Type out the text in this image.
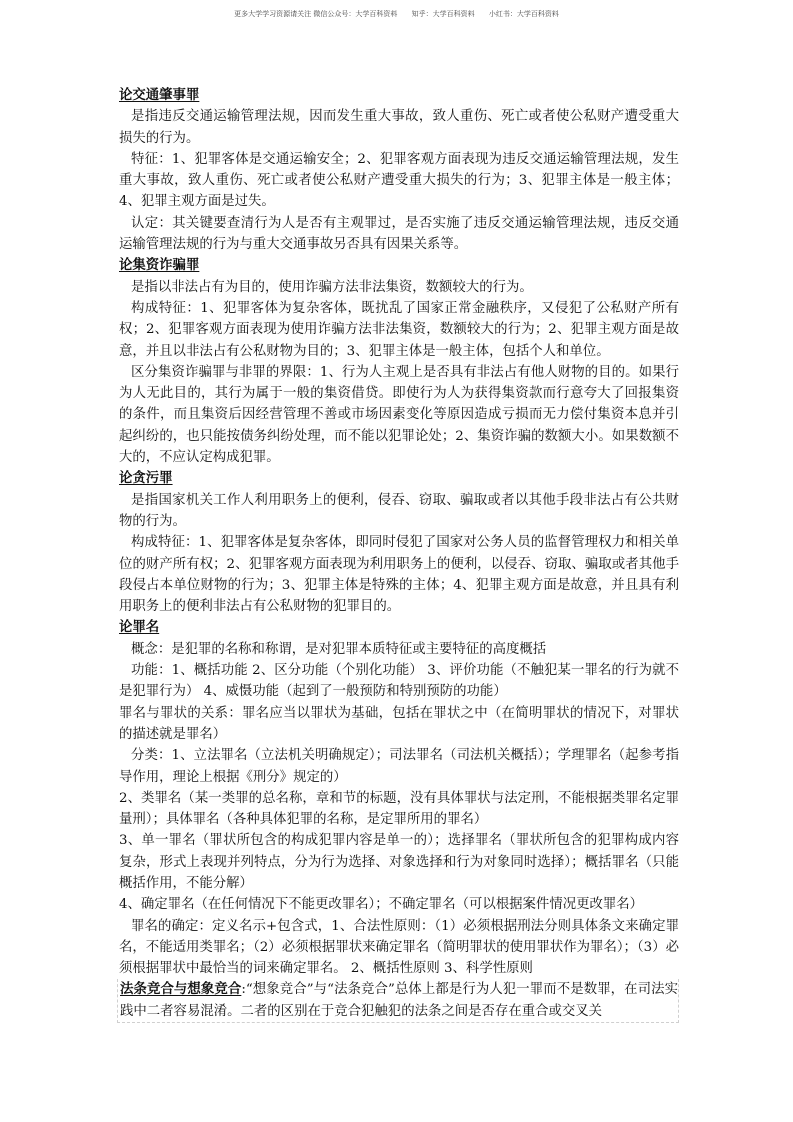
更多大学学习资源请关注 微信公众号：大学百科资料 知乎：大学百科资料 小红书：大学百科资料
论交通肇事罪

是指违反交通运输管理法规，因而发生重大事故，致人重伤、死亡或者使公私财产遭受重大损失的行为。

特征：1、犯罪客体是交通运输安全；2、犯罪客观方面表现为违反交通运输管理法规，发生重大事故，致人重伤、死亡或者使公私财产遭受重大损失的行为；3、犯罪主体是一般主体；4、犯罪主观方面是过失。

认定：其关键要查清行为人是否有主观罪过，是否实施了违反交通运输管理法规，违反交通运输管理法规的行为与重大交通事故另否具有因果关系等。

论集资诈骗罪

是指以非法占有为目的，使用诈骗方法非法集资，数额较大的行为。

构成特征：1、犯罪客体为复杂客体，既扰乱了国家正常金融秩序，又侵犯了公私财产所有权；2、犯罪客观方面表现为使用诈骗方法非法集资，数额较大的行为；2、犯罪主观方面是故意，并且以非法占有公私财物为目的；3、犯罪主体是一般主体，包括个人和单位。

区分集资诈骗罪与非罪的界限：1、行为人主观上是否具有非法占有他人财物的目的。如果行为人无此目的，其行为属于一般的集资借贷。即使行为人为获得集资款而行意夸大了回报集资的条件，而且集资后因经营管理不善或市场因素变化等原因造成亏损而无力偿付集资本息并引起纠纷的，也只能按债务纠纷处理，而不能以犯罪论处；2、集资诈骗的数额大小。如果数额不大的，不应认定构成犯罪。

论贪污罪

是指国家机关工作人利用职务上的便利，侵吞、窃取、骗取或者以其他手段非法占有公共财物的行为。

构成特征：1、犯罪客体是复杂客体，即同时侵犯了国家对公务人员的监督管理权力和相关单位的财产所有权；2、犯罪客观方面表现为利用职务上的便利，以侵吞、窃取、骗取或者其他手段侵占本单位财物的行为；3、犯罪主体是特殊的主体；4、犯罪主观方面是故意，并且具有利用职务上的便利非法占有公私财物的犯罪目的。

论罪名

概念：是犯罪的名称和称谓，是对犯罪本质特征或主要特征的高度概括

功能：1、概括功能 2、区分功能（个别化功能） 3、评价功能（不触犯某一罪名的行为就不是犯罪行为） 4、威慑功能（起到了一般预防和特别预防的功能）

罪名与罪状的关系：罪名应当以罪状为基础，包括在罪状之中（在简明罪状的情况下，对罪状的描述就是罪名）

分类：1、立法罪名（立法机关明确规定）；司法罪名（司法机关概括）；学理罪名（起参考指导作用，理论上根据《刑分》规定的）

2、类罪名（某一类罪的总名称，章和节的标题，没有具体罪状与法定刑，不能根据类罪名定罪量刑）；具体罪名（各种具体犯罪的名称，是定罪所用的罪名）

3、单一罪名（罪状所包含的构成犯罪内容是单一的）；选择罪名（罪状所包含的犯罪构成内容复杂，形式上表现并列特点，分为行为选择、对象选择和行为对象同时选择）；概括罪名（只能概括作用，不能分解）

4、确定罪名（在任何情况下不能更改罪名）；不确定罪名（可以根据案件情况更改罪名）

罪名的确定：定义名示+包含式，1、合法性原则：（1）必须根据刑法分则具体条文来确定罪名，不能适用类罪名；（2）必须根据罪状来确定罪名（简明罪状的使用罪状作为罪名）；（3）必须根据罪状中最恰当的词来确定罪名。 2、概括性原则 3、科学性原则

法条竞合与想象竞合:“想象竞合”与“法条竞合”总体上都是行为人犯一罪而不是数罪，在司法实践中二者容易混淆。二者的区别在于竞合犯触犯的法条之间是否存在重合或交叉关
